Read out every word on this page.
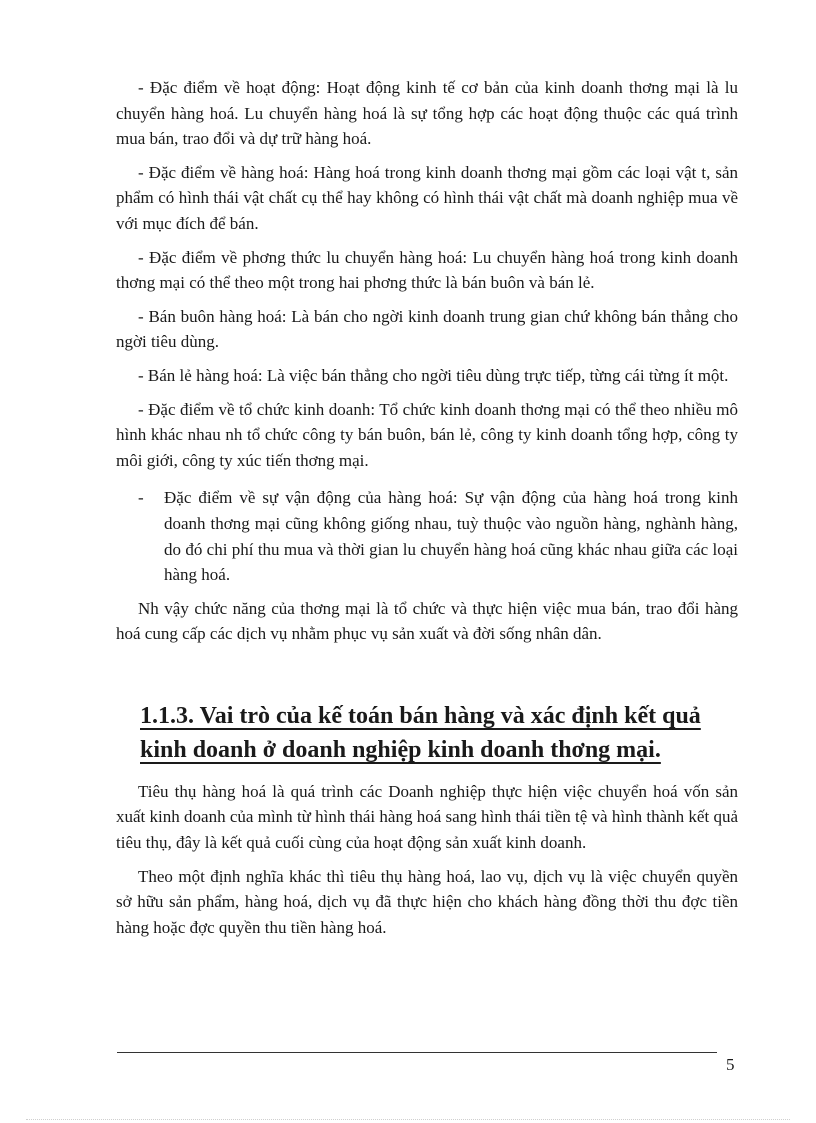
- Đặc điểm về hoạt động: Hoạt động kinh tế cơ bản của kinh doanh thơng mại là lu chuyển hàng hoá. Lu chuyển hàng hoá là sự tổng hợp các hoạt động thuộc các quá trình mua bán, trao đổi và dự trữ hàng hoá.

- Đặc điểm về hàng hoá: Hàng hoá trong kinh doanh thơng mại gồm các loại vật t, sản phẩm có hình thái vật chất cụ thể hay không có hình thái vật chất mà doanh nghiệp mua về với mục đích để bán.

- Đặc điểm về phơng thức lu chuyển hàng hoá: Lu chuyển hàng hoá trong kinh doanh thơng mại có thể theo một trong hai phơng thức là bán buôn và bán lẻ.

- Bán buôn hàng hoá: Là bán cho ngời kinh doanh trung gian chứ không bán thẳng cho ngời tiêu dùng.

- Bán lẻ hàng hoá: Là việc bán thẳng cho ngời tiêu dùng trực tiếp, từng cái từng ít một.

- Đặc điểm về tổ chức kinh doanh: Tổ chức kinh doanh thơng mại có thể theo nhiều mô hình khác nhau nh tổ chức công ty bán buôn, bán lẻ, công ty kinh doanh tổng hợp, công ty môi giới, công ty xúc tiến thơng mại.

- Đặc điểm về sự vận động của hàng hoá: Sự vận động của hàng hoá trong kinh doanh thơng mại cũng không giống nhau, tuỳ thuộc vào nguồn hàng, nghành hàng, do đó chi phí thu mua và thời gian lu chuyển hàng hoá cũng khác nhau giữa các loại hàng hoá.

Nh vậy chức năng của thơng mại là tổ chức và thực hiện việc mua bán, trao đổi hàng hoá cung cấp các dịch vụ nhằm phục vụ sản xuất và đời sống nhân dân.

1.1.3. Vai trò của kế toán bán hàng và xác định kết quả kinh doanh ở doanh nghiệp kinh doanh thơng mại.

Tiêu thụ hàng hoá là quá trình các Doanh nghiệp thực hiện việc chuyển hoá vốn sản xuất kinh doanh của mình từ hình thái hàng hoá sang hình thái tiền tệ và hình thành kết quả tiêu thụ, đây là kết quả cuối cùng của hoạt động sản xuất kinh doanh.

Theo một định nghĩa khác thì tiêu thụ hàng hoá, lao vụ, dịch vụ là việc chuyển quyền sở hữu sản phẩm, hàng hoá, dịch vụ đã thực hiện cho khách hàng đồng thời thu đợc tiền hàng hoặc đợc quyền thu tiền hàng hoá.

5
